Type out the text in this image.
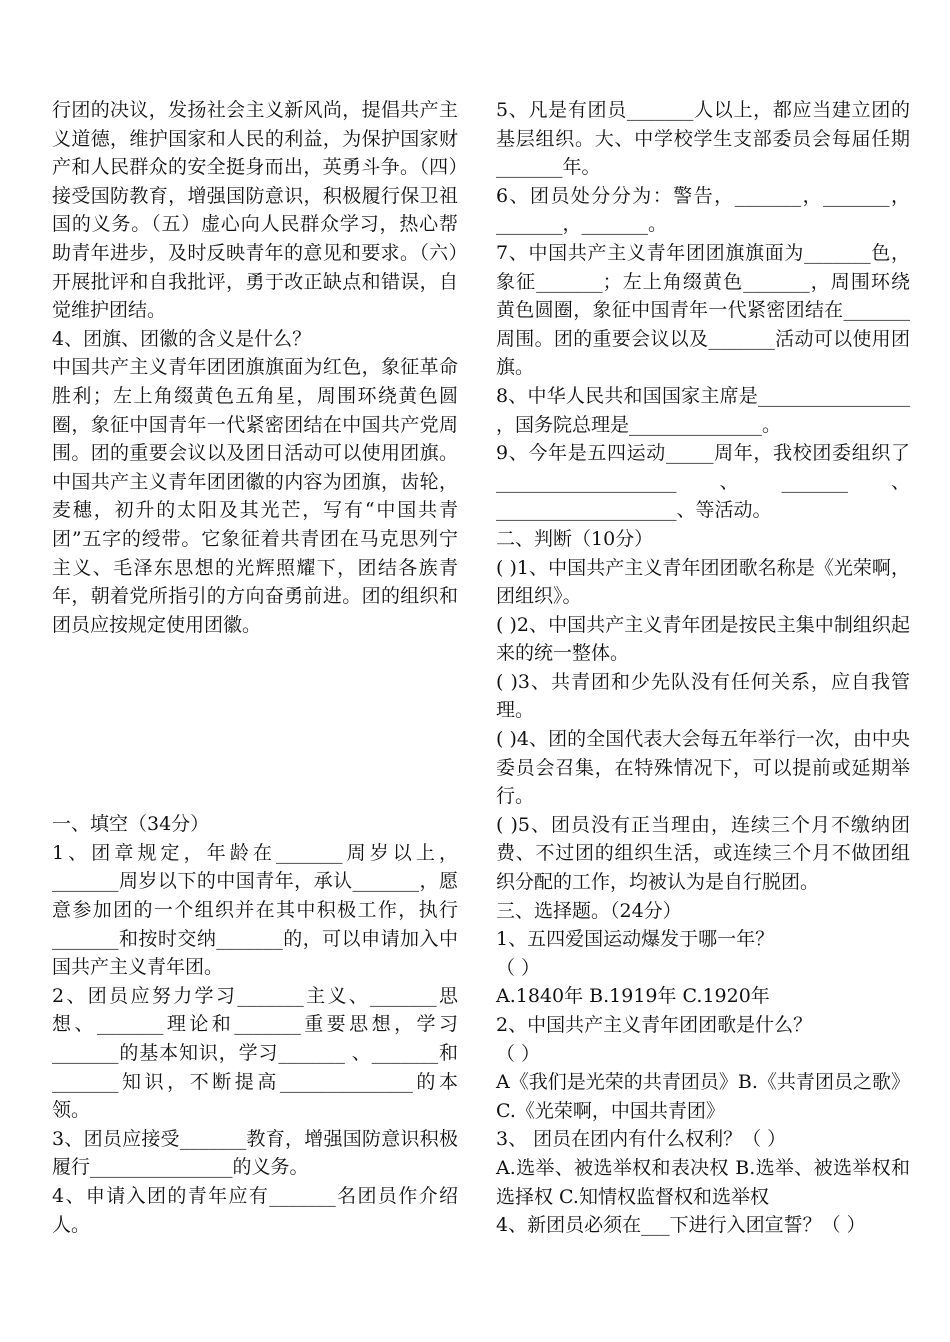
行团的决议，发扬社会主义新风尚，提倡共产主义道德，维护国家和人民的利益，为保护国家财产和人民群众的安全挺身而出，英勇斗争。（四）接受国防教育，增强国防意识，积极履行保卫祖国的义务。（五）虚心向人民群众学习，热心帮助青年进步，及时反映青年的意见和要求。（六）开展批评和自我批评，勇于改正缺点和错误，自觉维护团结。

4、团旗、团徽的含义是什么？

中国共产主义青年团团旗旗面为红色，象征革命胜利；左上角缀黄色五角星，周围环绕黄色圆圈，象征中国青年一代紧密团结在中国共产党周围。团的重要会议以及团日活动可以使用团旗。中国共产主义青年团团徽的内容为团旗，齿轮，麦穗，初升的太阳及其光芒，写有“中国共青团”五字的绶带。它象征着共青团在马克思列宁主义、毛泽东思想的光辉照耀下，团结各族青年，朝着党所指引的方向奋勇前进。团的组织和团员应按规定使用团徽。

一、填空（34分）

1、团章规定，年龄在_______周岁以上，_______周岁以下的中国青年，承认_______，愿意参加团的一个组织并在其中积极工作，执行_______和按时交纳_______的，可以申请加入中国共产主义青年团。

2、团员应努力学习_______主义、_______思想、_______理论和_______重要思想，学习_______的基本知识，学习_______ 、_______和_______知识，不断提高______________的本领。

3、团员应接受_______教育，增强国防意识积极履行_______________的义务。

4、申请入团的青年应有_______名团员作介绍人。

5、凡是有团员_______人以上，都应当建立团的基层组织。大、中学校学生支部委员会每届任期_______年。

6、团员处分分为：警告，_______，_______，_______，_______。

7、中国共产主义青年团团旗旗面为_______色，象征_______；左上角缀黄色_______，周围环绕黄色圆圈，象征中国青年一代紧密团结在_______周围。团的重要会议以及_______活动可以使用团旗。

8、中华人民共和国国家主席是________________ ，国务院总理是______________。

9、今年是五四运动_____周年，我校团委组织了___________________、_______、___________________、等活动。

二、判断（10分）

( )1、中国共产主义青年团团歌名称是《光荣啊，团组织》。

( )2、中国共产主义青年团是按民主集中制组织起来的统一整体。

( )3、共青团和少先队没有任何关系，应自我管理。

( )4、团的全国代表大会每五年举行一次，由中央委员会召集，在特殊情况下，可以提前或延期举行。

( )5、团员没有正当理由，连续三个月不缴纳团费、不过团的组织生活，或连续三个月不做团组织分配的工作，均被认为是自行脱团。

三、选择题。（24分）

1、五四爱国运动爆发于哪一年？

（ ）

A.1840年 B.1919年 C.1920年

2、中国共产主义青年团团歌是什么？

（ ）

A《我们是光荣的共青团员》B.《共青团员之歌》C.《光荣啊，中国共青团》

3、 团员在团内有什么权利？（ ）

A.选举、被选举权和表决权 B.选举、被选举权和选择权 C.知情权监督权和选举权

4、新团员必须在___下进行入团宣誓？（ ）
